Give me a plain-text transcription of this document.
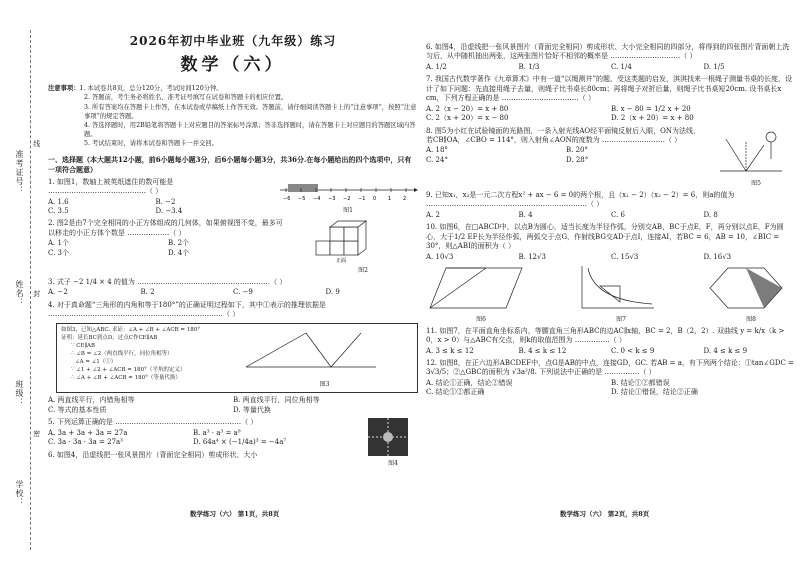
准考证号：
姓名：
班级：
学校：
线
封
密
2026年初中毕业班（九年级）练习
数学（六）
注意事项：1. 本试卷共8页，总分120分，考试时间120分钟。
2. 答题前，考生务必将姓名、准考证号填写在试卷和答题卡的相应位置。
3. 所有答案均在答题卡上作答，在本试卷或草稿纸上作答无效。答题前，请仔细阅读答题卡上的“注意事项”，按照“注意事项”的规定答题。
4. 答选择题时，用2B铅笔将答题卡上对应题目的答案标号涂黑；答非选择题时，请在答题卡上对应题目的答题区域内答题。
5. 考试结束时，请将本试卷和答题卡一并交回。
一、选择题（本大题共12小题，前6小题每小题3分，后6小题每小题3分，共36分.在每小题给出的四个选项中，只有一项符合题意）
1. 如图1，数轴上被英纸遮住的数可能是 ……………………………………（ ）
A. 1.6	B. −2
C. 3.5	D. −3.4
−6 −5 −4 −3 −2 −1 0 1 2
图1
2. 图2是由7个完全相同的小正方体组成的几何体，如果俯视图不变，最多可以移走的小正方体个数是 ………………（ ）
A. 1个	B. 2个
C. 3个	D. 4个
正面
图2
3. 式子 −2 1/4 × 4 的值为 …………………………………………………（ ）
A. −2	B. 2	C. −9	D. 9
4. 对于真命题“三角形的内角和等于180°”的正确证明过程如下，其中①表示的推理依据是 …………………………………………………………………（ ）
如图3，已知△ABC. 求证：∠A + ∠B + ∠ACB = 180°
证明：延长BC到点D，过点C作CE∥AB
∵ CE∥AB
∴ ∠B = ∠2（两直线平行，同位角相等）
∠A = ∠1（①）
∵ ∠1 + ∠2 + ∠ACB = 180°（平角的定义）
∴ ∠A + ∠B + ∠ACB = 180°（等量代换）
图3
A. 两直线平行，内错角相等	B. 两直线平行，同位角相等
C. 等式的基本性质	D. 等量代换
5. 下列运算正确的是 ………………………………………………（ ）
A. 3a + 3a + 3a = 27a	B. a³ · a³ = a⁹
C. 3a · 3a · 3a = 27a³	D. 64a⁴ × (−1/4a)³ = −4a⁷
6. 如图4，沿虚线把一张风景图片（背面完全相同）剪成形状、大小
图4
数学练习（六） 第1页，共8页
6. 如图4，沿虚线把一张风景图片（背面完全相同）剪成形状、大小完全相同的四部分，将得到的四张图片背面朝上洗匀后，从中随机抽出两张，这两张图片恰好不相邻的概率是 …………………………（ ）
A. 1/2	B. 1/3	C. 1/4	D. 1/5
7. 我国古代数学著作《九章算术》中有一道“以绳测井”的题，受这类题的启发，淇淇找来一根绳子测量书桌的长度，设计了如下问题：先直接用绳子去量，则绳子比书桌长80cm；再将绳子对折后量，则绳子比书桌短20cm. 设书桌长x cm，下列方程正确的是 ……………………………（ ）
A. 2（x − 20）= x + 80	B. x − 80 = 1/2 x + 20
C. 2（x + 20）= x − 80	D. 2（x + 20）= x + 80
8. 图5为小红在试验镜面的光路图，一条入射光线AO经平面镜反射后入眼，ON为法线，若CB∥OA，∠CBO = 114°，则入射角∠AON的度数为 ………………………（ ）
A. 18°	B. 20°
C. 24°	D. 28°
图5
9. 已知x₁，x₂是一元二次方程x² + ax − 6 = 0的两个根，且（x₁ − 2）（x₂ − 2）= 6，则a的值为 ……………………………………………………………（ ）
A. 2	B. 4	C. 6	D. 8
10. 如图6，在□ABCD中，以点B为圆心，适当长度为半径作弧，分别交AB，BC于点E，F，再分别以点E，F为圆心，大于1/2 EF长为半径作弧，两弧交于点G，作射线BG交AD于点I，连接AI，若BC = 6，AB = 10，∠BIC = 30°，则△ABI的面积为（ ）
A. 10√3	B. 12√3	C. 15√3	D. 16√3
图6	图7	图8
11. 如图7，在平面直角坐标系内，等腰直角三角形ABC的边AC∥x轴，BC = 2，B（2，2）. 双曲线 y = k/x（k > 0，x > 0）与△ABC有交点，则k的取值范围为 ……………（ ）
A. 3 ≤ k ≤ 12	B. 4 ≤ k ≤ 12	C. 0 < k ≤ 9	D. 4 ≤ k ≤ 9
12. 如图8，在正六边形ABCDEF中，点G是AB的中点，连接GD，GC. 若AB = a，有下列两个结论：①tan∠GDC = 3√3/5；②△GBC的面积为 √3a²/8. 下列说法中正确的是 ……………（ ）
A. 结论①正确，结论②错误	B. 结论①②都错误
C. 结论①②都正确	D. 结论①错误，结论②正确
数学练习（六） 第2页，共8页
